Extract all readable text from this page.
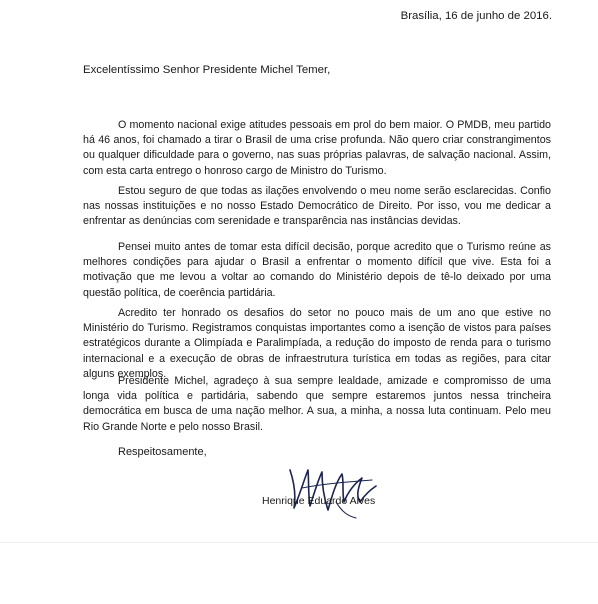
Brasília, 16 de junho de 2016.
Excelentíssimo Senhor Presidente Michel Temer,

O momento nacional exige atitudes pessoais em prol do bem maior. O PMDB, meu partido há 46 anos, foi chamado a tirar o Brasil de uma crise profunda. Não quero criar constrangimentos ou qualquer dificuldade para o governo, nas suas próprias palavras, de salvação nacional. Assim, com esta carta entrego o honroso cargo de Ministro do Turismo.

Estou seguro de que todas as ilações envolvendo o meu nome serão esclarecidas. Confio nas nossas instituições e no nosso Estado Democrático de Direito. Por isso, vou me dedicar a enfrentar as denúncias com serenidade e transparência nas instâncias devidas.

Pensei muito antes de tomar esta difícil decisão, porque acredito que o Turismo reúne as melhores condições para ajudar o Brasil a enfrentar o momento difícil que vive. Esta foi a motivação que me levou a voltar ao comando do Ministério depois de tê-lo deixado por uma questão política, de coerência partidária.

Acredito ter honrado os desafios do setor no pouco mais de um ano que estive no Ministério do Turismo. Registramos conquistas importantes como a isenção de vistos para países estratégicos durante a Olimpíada e Paralimpíada, a redução do imposto de renda para o turismo internacional e a execução de obras de infraestrutura turística em todas as regiões, para citar alguns exemplos.

Presidente Michel, agradeço à sua sempre lealdade, amizade e compromisso de uma longa vida política e partidária, sabendo que sempre estaremos juntos nessa trincheira democrática em busca de uma nação melhor. A sua, a minha, a nossa luta continuam. Pelo meu Rio Grande Norte e pelo nosso Brasil.

Respeitosamente,
Henrique Eduardo Alves
